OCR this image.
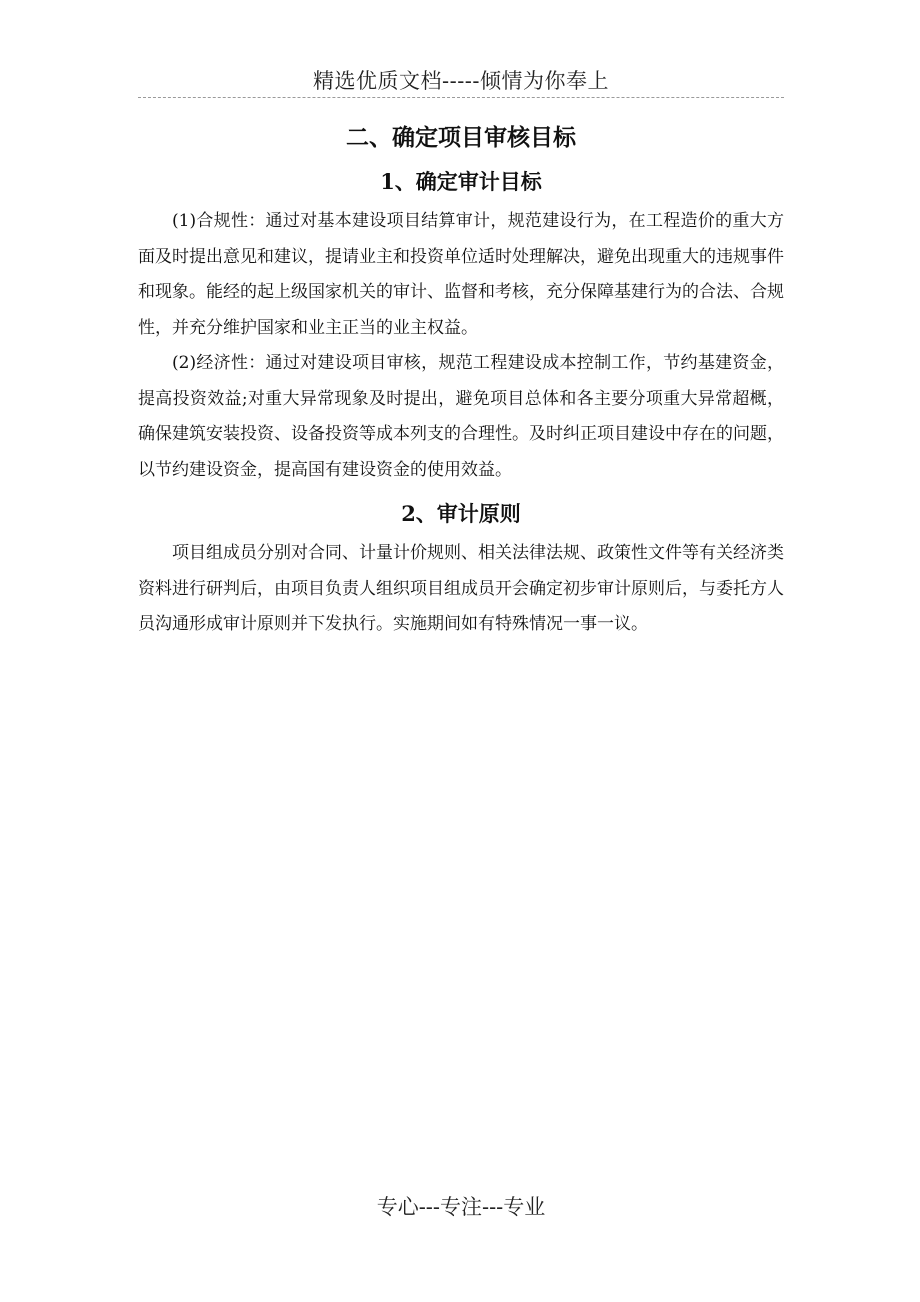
精选优质文档-----倾情为你奉上
二、确定项目审核目标
1、确定审计目标

(1)合规性：通过对基本建设项目结算审计，规范建设行为，在工程造价的重大方面及时提出意见和建议，提请业主和投资单位适时处理解决，避免出现重大的违规事件和现象。能经的起上级国家机关的审计、监督和考核，充分保障基建行为的合法、合规性，并充分维护国家和业主正当的业主权益。

(2)经济性：通过对建设项目审核，规范工程建设成本控制工作，节约基建资金，提高投资效益;对重大异常现象及时提出，避免项目总体和各主要分项重大异常超概，确保建筑安装投资、设备投资等成本列支的合理性。及时纠正项目建设中存在的问题，以节约建设资金，提高国有建设资金的使用效益。

2、审计原则

项目组成员分别对合同、计量计价规则、相关法律法规、政策性文件等有关经济类资料进行研判后，由项目负责人组织项目组成员开会确定初步审计原则后，与委托方人员沟通形成审计原则并下发执行。实施期间如有特殊情况一事一议。

专心---专注---专业
